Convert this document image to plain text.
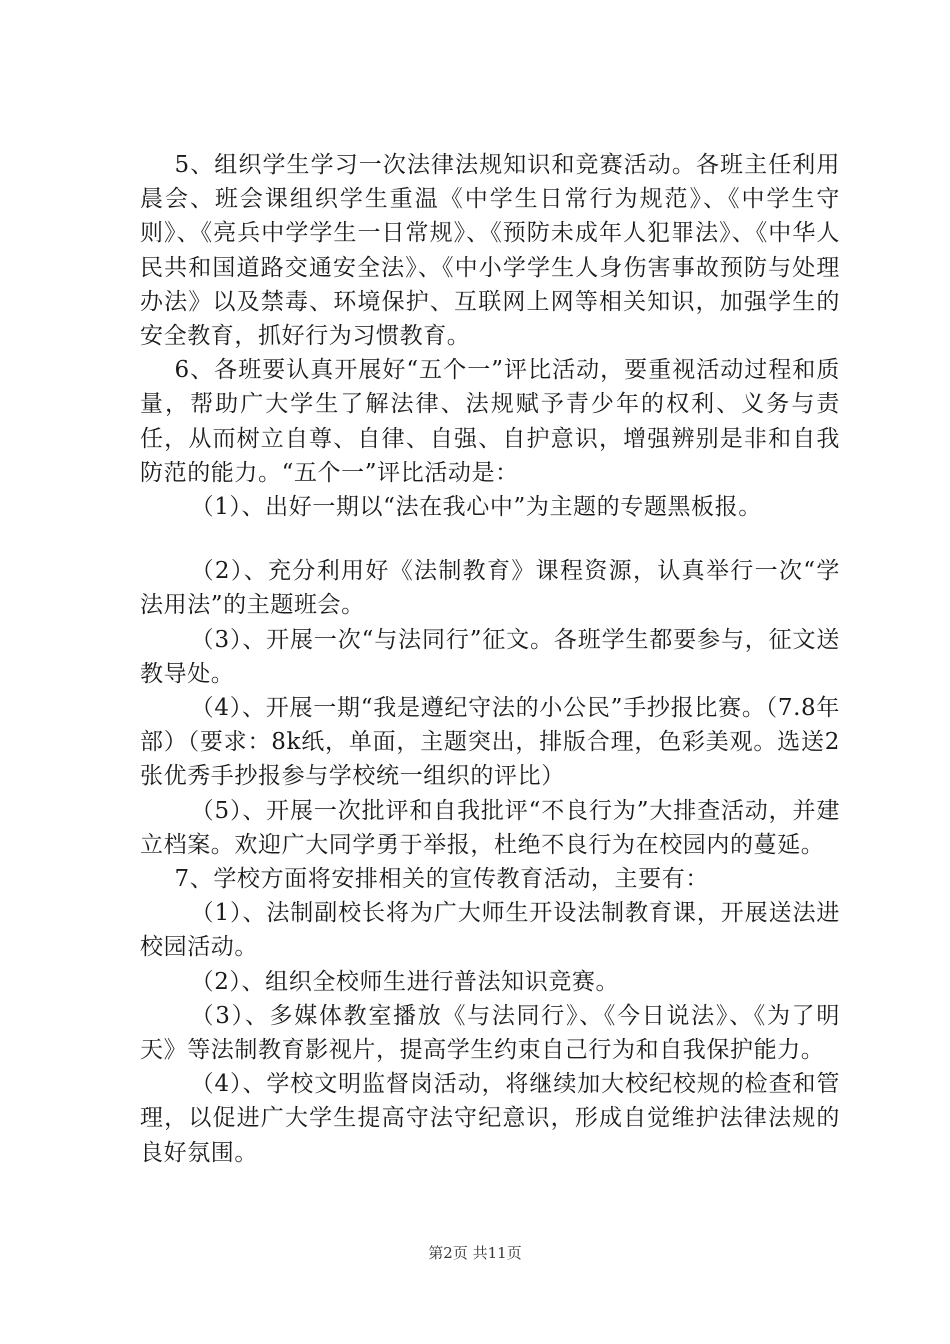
5、组织学生学习一次法律法规知识和竞赛活动。各班主任利用晨会、班会课组织学生重温《中学生日常行为规范》、《中学生守则》、《亮兵中学学生一日常规》、《预防未成年人犯罪法》、《中华人民共和国道路交通安全法》、《中小学学生人身伤害事故预防与处理办法》以及禁毒、环境保护、互联网上网等相关知识，加强学生的安全教育，抓好行为习惯教育。

6、各班要认真开展好“五个一”评比活动，要重视活动过程和质量，帮助广大学生了解法律、法规赋予青少年的权利、义务与责任，从而树立自尊、自律、自强、自护意识，增强辨别是非和自我防范的能力。“五个一”评比活动是：

（1）、出好一期以“法在我心中”为主题的专题黑板报。

（2）、充分利用好《法制教育》课程资源，认真举行一次“学法用法”的主题班会。

（3）、开展一次“与法同行”征文。各班学生都要参与，征文送教导处。

（4）、开展一期“我是遵纪守法的小公民”手抄报比赛。（7.8年部）（要求：8k纸，单面，主题突出，排版合理，色彩美观。选送2张优秀手抄报参与学校统一组织的评比）

（5）、开展一次批评和自我批评“不良行为”大排查活动，并建立档案。欢迎广大同学勇于举报，杜绝不良行为在校园内的蔓延。

7、学校方面将安排相关的宣传教育活动，主要有：

（1）、法制副校长将为广大师生开设法制教育课，开展送法进校园活动。

（2）、组织全校师生进行普法知识竞赛。

（3）、多媒体教室播放《与法同行》、《今日说法》、《为了明天》等法制教育影视片，提高学生约束自己行为和自我保护能力。

（4）、学校文明监督岗活动，将继续加大校纪校规的检查和管理，以促进广大学生提高守法守纪意识，形成自觉维护法律法规的良好氛围。

第2页 共11页
